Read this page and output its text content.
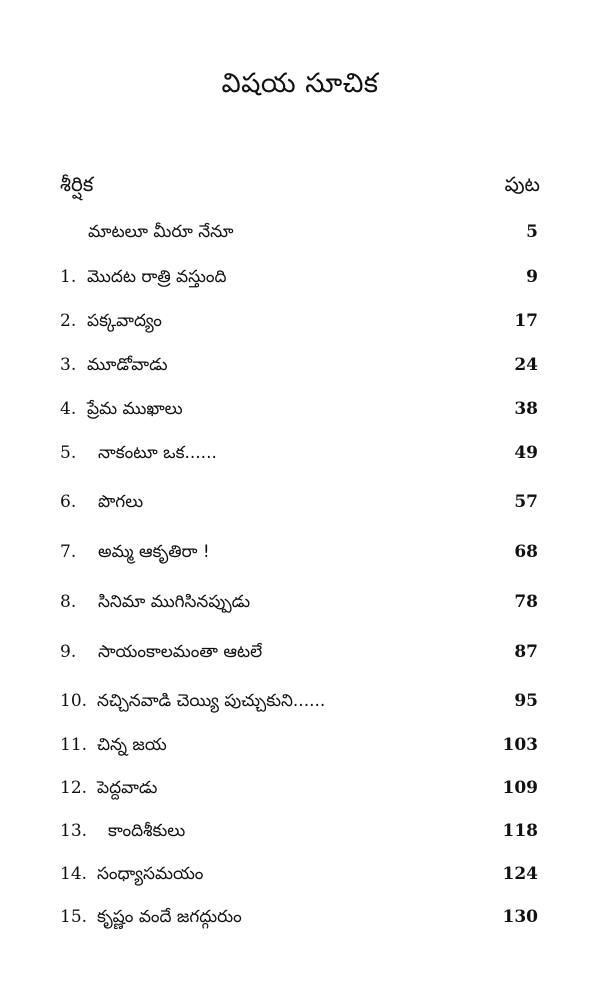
విషయ సూచిక
శీర్షిక	పుట
మాటలూ మీరూ నేనూ	5
1. మొదట రాత్రి వస్తుంది	9
2. పక్కవాద్యం	17
3. మూడోవాడు	24
4. ప్రేమ ముఖాలు	38
5. నాకంటూ ఒక......	49
6. పొగలు	57
7. అమ్మ ఆకృతిరా !	68
8. సినిమా ముగిసినప్పుడు	78
9. సాయంకాలమంతా ఆటలే	87
10. నచ్చినవాడి చెయ్యి పుచ్చుకుని......	95
11. చిన్న జయ	103
12. పెద్దవాడు	109
13. కాందిశీకులు	118
14. సంధ్యాసమయం	124
15. కృష్ణం వందే జగద్గురుం	130
